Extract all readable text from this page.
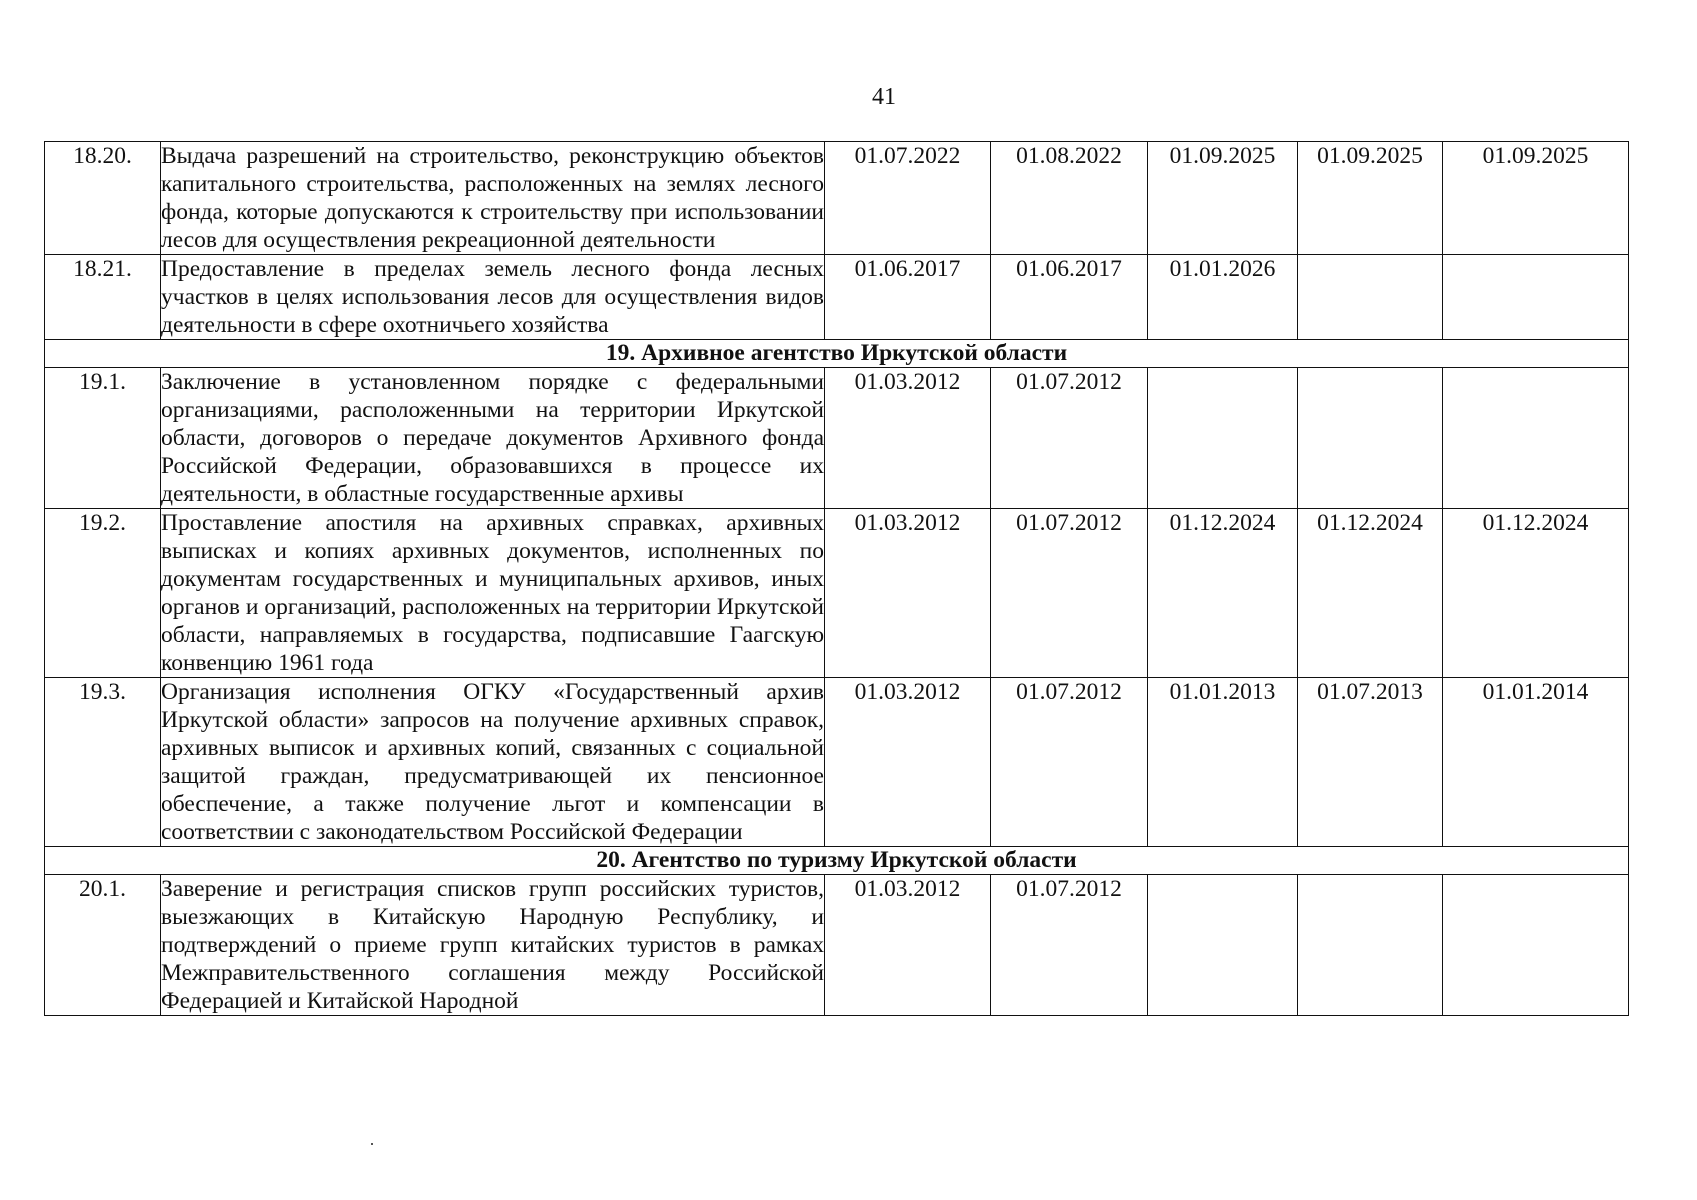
41
18.20.	Выдача разрешений на строительство, реконструкцию объектов капитального строительства, расположенных на землях лесного фонда, которые допускаются к строительству при использовании лесов для осуществления рекреационной деятельности	01.07.2022	01.08.2022	01.09.2025	01.09.2025	01.09.2025
18.21.	Предоставление в пределах земель лесного фонда лесных участков в целях использования лесов для осуществления видов деятельности в сфере охотничьего хозяйства	01.06.2017	01.06.2017	01.01.2026		
19. Архивное агентство Иркутской области						
19.1.	Заключение в установленном порядке с федеральными организациями, расположенными на территории Иркутской области, договоров о передаче документов Архивного фонда Российской Федерации, образовавшихся в процессе их деятельности, в областные государственные архивы	01.03.2012	01.07.2012			
19.2.	Проставление апостиля на архивных справках, архивных выписках и копиях архивных документов, исполненных по документам государственных и муниципальных архивов, иных органов и организаций, расположенных на территории Иркутской области, направляемых в государства, подписавшие Гаагскую конвенцию 1961 года	01.03.2012	01.07.2012	01.12.2024	01.12.2024	01.12.2024
19.3.	Организация исполнения ОГКУ «Государственный архив Иркутской области» запросов на получение архивных справок, архивных выписок и архивных копий, связанных с социальной защитой граждан, предусматривающей их пенсионное обеспечение, а также получение льгот и компенсации в соответствии с законодательством Российской Федерации	01.03.2012	01.07.2012	01.01.2013	01.07.2013	01.01.2014
20. Агентство по туризму Иркутской области						
20.1.	Заверение и регистрация списков групп российских туристов, выезжающих в Китайскую Народную Республику, и подтверждений о приеме групп китайских туристов в рамках Межправительственного соглашения между Российской Федерацией и Китайской Народной	01.03.2012	01.07.2012			
